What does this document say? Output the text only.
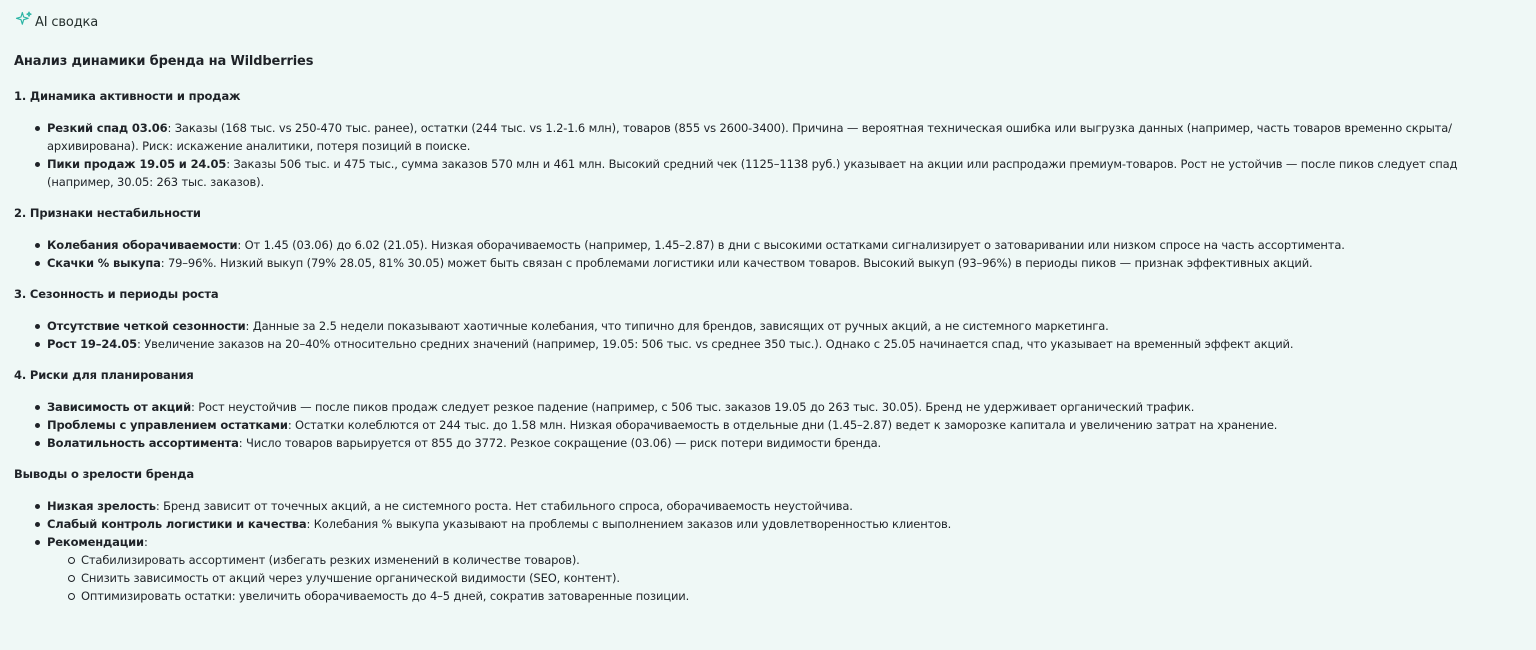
AI сводка
Анализ динамики бренда на Wildberries
1. Динамика активности и продаж
Резкий спад 03.06: Заказы (168 тыс. vs 250-470 тыс. ранее), остатки (244 тыс. vs 1.2-1.6 млн), товаров (855 vs 2600-3400). Причина — вероятная техническая ошибка или выгрузка данных (например, часть товаров временно скрыта/архивирована). Риск: искажение аналитики, потеря позиций в поиске.
Пики продаж 19.05 и 24.05: Заказы 506 тыс. и 475 тыс., сумма заказов 570 млн и 461 млн. Высокий средний чек (1125–1138 руб.) указывает на акции или распродажи премиум-товаров. Рост не устойчив — после пиков следует спад (например, 30.05: 263 тыс. заказов).
2. Признаки нестабильности
Колебания оборачиваемости: От 1.45 (03.06) до 6.02 (21.05). Низкая оборачиваемость (например, 1.45–2.87) в дни с высокими остатками сигнализирует о затоваривании или низком спросе на часть ассортимента.
Скачки % выкупа: 79–96%. Низкий выкуп (79% 28.05, 81% 30.05) может быть связан с проблемами логистики или качеством товаров. Высокий выкуп (93–96%) в периоды пиков — признак эффективных акций.
3. Сезонность и периоды роста
Отсутствие четкой сезонности: Данные за 2.5 недели показывают хаотичные колебания, что типично для брендов, зависящих от ручных акций, а не системного маркетинга.
Рост 19–24.05: Увеличение заказов на 20–40% относительно средних значений (например, 19.05: 506 тыс. vs среднее 350 тыс.). Однако с 25.05 начинается спад, что указывает на временный эффект акций.
4. Риски для планирования
Зависимость от акций: Рост неустойчив — после пиков продаж следует резкое падение (например, с 506 тыс. заказов 19.05 до 263 тыс. 30.05). Бренд не удерживает органический трафик.
Проблемы с управлением остатками: Остатки колеблются от 244 тыс. до 1.58 млн. Низкая оборачиваемость в отдельные дни (1.45–2.87) ведет к заморозке капитала и увеличению затрат на хранение.
Волатильность ассортимента: Число товаров варьируется от 855 до 3772. Резкое сокращение (03.06) — риск потери видимости бренда.
Выводы о зрелости бренда
Низкая зрелость: Бренд зависит от точечных акций, а не системного роста. Нет стабильного спроса, оборачиваемость неустойчива.
Слабый контроль логистики и качества: Колебания % выкупа указывают на проблемы с выполнением заказов или удовлетворенностью клиентов.
Рекомендации:
Стабилизировать ассортимент (избегать резких изменений в количестве товаров).
Снизить зависимость от акций через улучшение органической видимости (SEO, контент).
Оптимизировать остатки: увеличить оборачиваемость до 4–5 дней, сократив затоваренные позиции.
